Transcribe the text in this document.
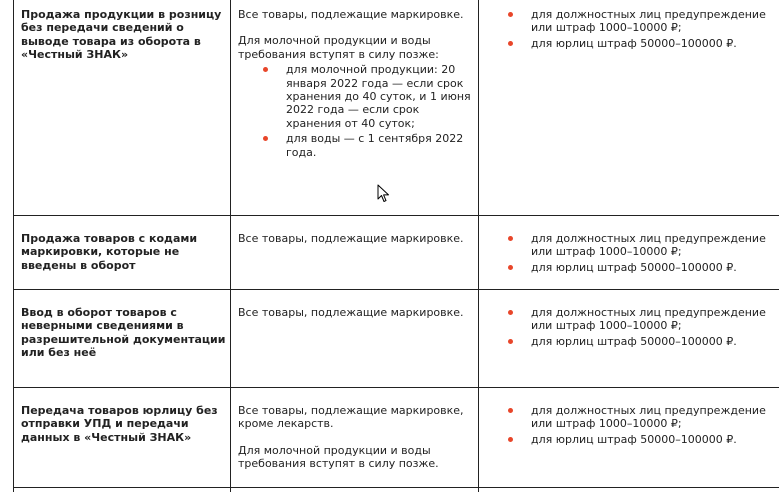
Продажа продукции в розницу без передачи сведений о выводе товара из оборота в «Честный ЗНАК»

Все товары, подлежащие маркировке.

Для молочной продукции и воды требования вступят в силу позже:

для молочной продукции: 20 января 2022 года — если срок хранения до 40 суток, и 1 июня 2022 года — если срок хранения от 40 суток;
для воды — с 1 сентября 2022 года.
для должностных лиц предупреждение или штраф 1000–10000 ₽;
для юрлиц штраф 50000–100000 ₽.
Продажа товаров с кодами маркировки, которые не введены в оборот

Все товары, подлежащие маркировке.	для должностных лиц предупреждение или штраф 1000–10000 ₽;
для юрлиц штраф 50000–100000 ₽.
Ввод в оборот товаров с неверными сведениями в разрешительной документации или без неё

Все товары, подлежащие маркировке.	для должностных лиц предупреждение или штраф 1000–10000 ₽;
для юрлиц штраф 50000–100000 ₽.
Передача товаров юрлицу без отправки УПД и передачи данных в «Честный ЗНАК»

Все товары, подлежащие маркировке, кроме лекарств.

Для молочной продукции и воды требования вступят в силу позже.

для должностных лиц предупреждение или штраф 1000–10000 ₽;
для юрлиц штраф 50000–100000 ₽.
